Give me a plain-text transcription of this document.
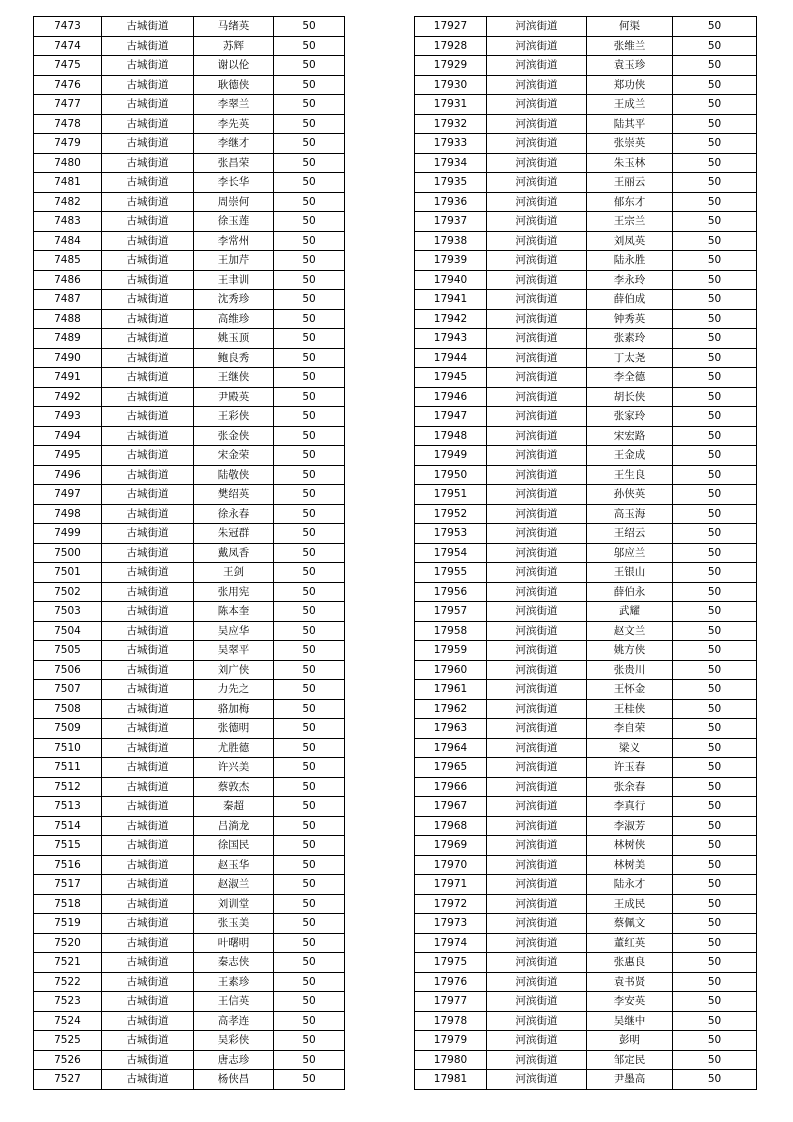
7473	古城街道	马绪英	50
7474	古城街道	苏辉	50
7475	古城街道	谢以伦	50
7476	古城街道	耿德侠	50
7477	古城街道	李翠兰	50
7478	古城街道	李先英	50
7479	古城街道	李继才	50
7480	古城街道	张昌荣	50
7481	古城街道	李长华	50
7482	古城街道	周崇何	50
7483	古城街道	徐玉莲	50
7484	古城街道	李常州	50
7485	古城街道	王加芹	50
7486	古城街道	王聿训	50
7487	古城街道	沈秀珍	50
7488	古城街道	高维珍	50
7489	古城街道	姚玉顶	50
7490	古城街道	鲍良秀	50
7491	古城街道	王继侠	50
7492	古城街道	尹殿英	50
7493	古城街道	王彩侠	50
7494	古城街道	张金侠	50
7495	古城街道	宋金荣	50
7496	古城街道	陆敬侠	50
7497	古城街道	樊绍英	50
7498	古城街道	徐永春	50
7499	古城街道	朱冠群	50
7500	古城街道	戴凤香	50
7501	古城街道	王剑	50
7502	古城街道	张用宪	50
7503	古城街道	陈本奎	50
7504	古城街道	吴应华	50
7505	古城街道	吴翠平	50
7506	古城街道	刘广侠	50
7507	古城街道	力先之	50
7508	古城街道	骆加梅	50
7509	古城街道	张德明	50
7510	古城街道	尤胜德	50
7511	古城街道	许兴美	50
7512	古城街道	蔡敦杰	50
7513	古城街道	秦超	50
7514	古城街道	吕淌龙	50
7515	古城街道	徐国民	50
7516	古城街道	赵玉华	50
7517	古城街道	赵淑兰	50
7518	古城街道	刘训堂	50
7519	古城街道	张玉美	50
7520	古城街道	叶曙明	50
7521	古城街道	秦志侠	50
7522	古城街道	王素珍	50
7523	古城街道	王信英	50
7524	古城街道	高孝连	50
7525	古城街道	吴彩侠	50
7526	古城街道	唐志珍	50
7527	古城街道	杨侠昌	50
17927	河滨街道	何渠	50
17928	河滨街道	张维兰	50
17929	河滨街道	袁玉珍	50
17930	河滨街道	郑功侠	50
17931	河滨街道	王成兰	50
17932	河滨街道	陆其平	50
17933	河滨街道	张崇英	50
17934	河滨街道	朱玉林	50
17935	河滨街道	王丽云	50
17936	河滨街道	郁东才	50
17937	河滨街道	王宗兰	50
17938	河滨街道	刘凤英	50
17939	河滨街道	陆永胜	50
17940	河滨街道	李永玲	50
17941	河滨街道	薛伯成	50
17942	河滨街道	钟秀英	50
17943	河滨街道	张素玲	50
17944	河滨街道	丁太尧	50
17945	河滨街道	李全德	50
17946	河滨街道	胡长侠	50
17947	河滨街道	张家玲	50
17948	河滨街道	宋宏路	50
17949	河滨街道	王金成	50
17950	河滨街道	王生良	50
17951	河滨街道	孙侠英	50
17952	河滨街道	高玉海	50
17953	河滨街道	王绍云	50
17954	河滨街道	邬应兰	50
17955	河滨街道	王银山	50
17956	河滨街道	薛伯永	50
17957	河滨街道	武耀	50
17958	河滨街道	赵文兰	50
17959	河滨街道	姚方侠	50
17960	河滨街道	张贵川	50
17961	河滨街道	王怀金	50
17962	河滨街道	王桂侠	50
17963	河滨街道	李自荣	50
17964	河滨街道	梁义	50
17965	河滨街道	许玉春	50
17966	河滨街道	张余春	50
17967	河滨街道	李真行	50
17968	河滨街道	李淑芳	50
17969	河滨街道	林树侠	50
17970	河滨街道	林树美	50
17971	河滨街道	陆永才	50
17972	河滨街道	王成民	50
17973	河滨街道	蔡佩文	50
17974	河滨街道	董红英	50
17975	河滨街道	张惠良	50
17976	河滨街道	袁书贤	50
17977	河滨街道	李安英	50
17978	河滨街道	吴继中	50
17979	河滨街道	彭明	50
17980	河滨街道	邹定民	50
17981	河滨街道	尹墨高	50
